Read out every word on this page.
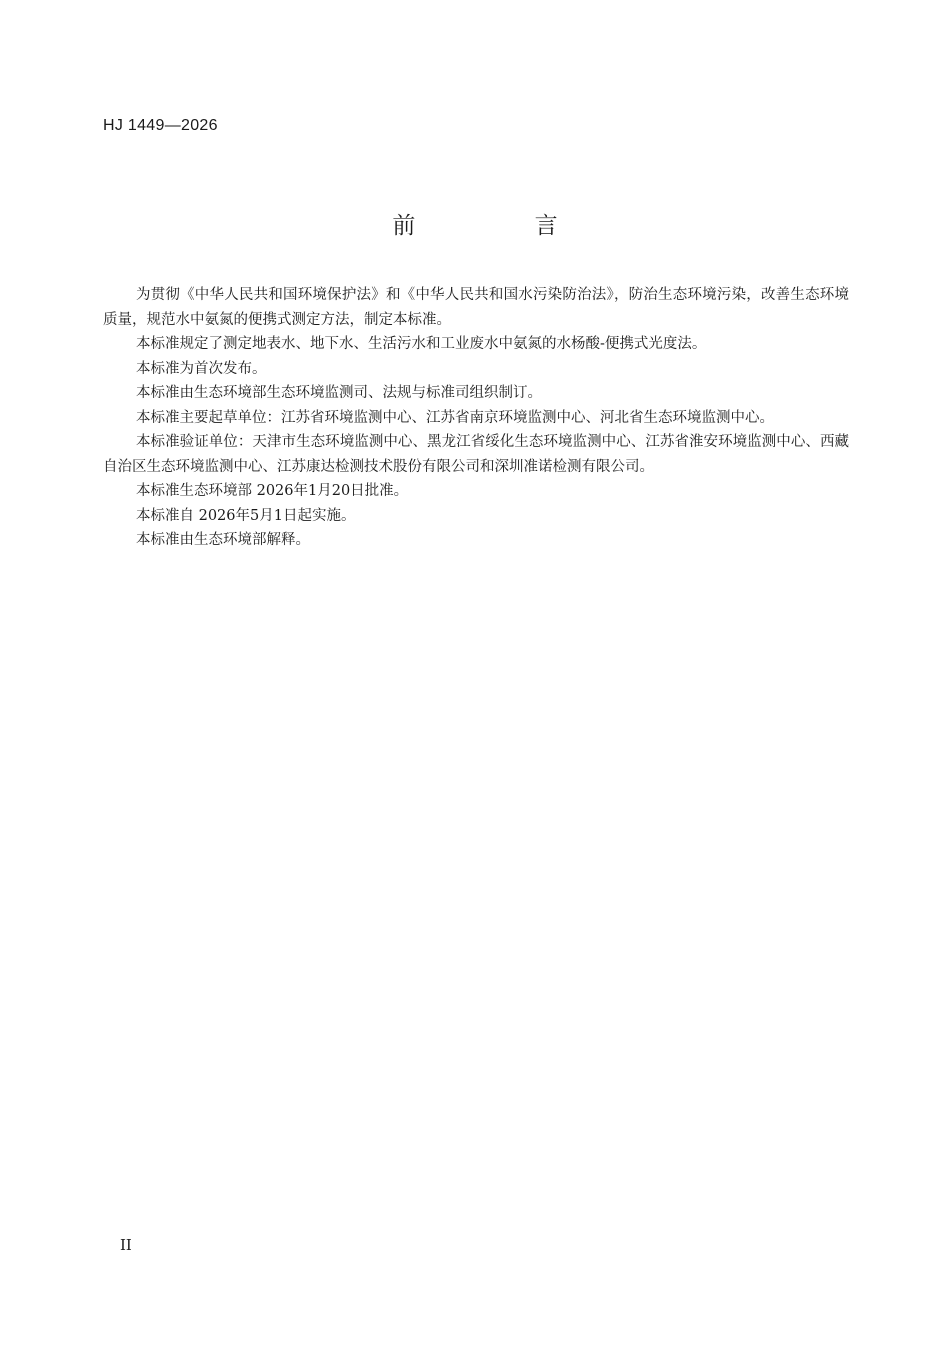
HJ 1449—2026
前 言

为贯彻《中华人民共和国环境保护法》和《中华人民共和国水污染防治法》，防治生态环境污染，改善生态环境质量，规范水中氨氮的便携式测定方法，制定本标准。

本标准规定了测定地表水、地下水、生活污水和工业废水中氨氮的水杨酸-便携式光度法。

本标准为首次发布。

本标准由生态环境部生态环境监测司、法规与标准司组织制订。

本标准主要起草单位：江苏省环境监测中心、江苏省南京环境监测中心、河北省生态环境监测中心。

本标准验证单位：天津市生态环境监测中心、黑龙江省绥化生态环境监测中心、江苏省淮安环境监测中心、西藏自治区生态环境监测中心、江苏康达检测技术股份有限公司和深圳准诺检测有限公司。

本标准生态环境部 2026年1月20日批准。

本标准自 2026年5月1日起实施。

本标准由生态环境部解释。

II
